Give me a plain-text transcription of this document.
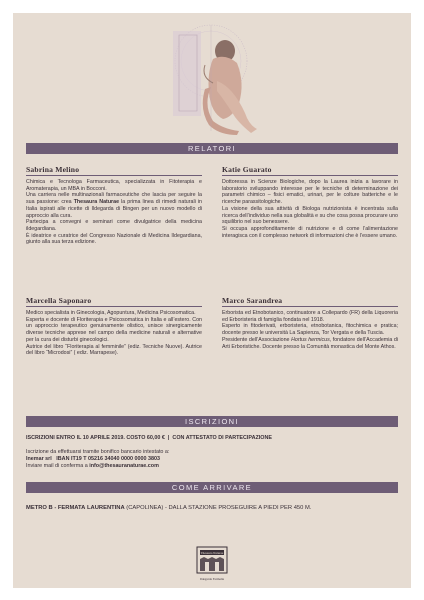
RELATORI
Sabrina Melino

Chimica e Tecnologa Farmaceutica, specializzata in Fitoterapia e Aromaterapia, un MBA in Bocconi.
Una carriera nelle multinazionali farmaceutiche che lascia per seguire la sua passione: crea Thesaura Naturae la prima linea di rimedi naturali in Italia ispirati alle ricette di Ildegarda di Bingen per un nuovo modello di approccio alla cura.
Partecipa a convegni e seminari come divulgatrice della medicina ildegardiana.
È ideatrice e curatrice del Congresso Nazionale di Medicina Ildegardiana, giunto alla sua terza edizione.

Katie Guarato

Dottoressa in Scienze Biologiche, dopo la Laurea inizia a lavorare in laboratorio sviluppando interesse per le tecniche di determinazione dei parametri chimico – fisici ematici, urinari, per le colture batteriche e le ricerche parassitologiche.
La visione della sua attività di Biologa nutrizionista è incentrata sulla ricerca dell’individuo nella sua globalità e su che cosa possa procurare uno squilibrio nel suo benessere.
Si occupa approfonditamente di nutrizione e di come l’alimentazione interagisca con il complesso network di informazioni che è l’essere umano.

Marcella Saponaro

Medico specialista in Ginecologia, Agopuntura, Medicina Psicosomatica.
Esperta e docente di Floriterapia e Psicosomatica in Italia e all’estero. Con un approccio terapeutico genuinamente olistico, unisce sinergicamente diverse tecniche apprese nel campo della medicine naturali e alternative per la cura dei disturbi ginecologici.
Autrice del libro “Floriterapia al femminile” (ediz. Tecniche Nuove). Autrice del libro “Microdosi” ( ediz. Marrapese).

Marco Sarandrea

Erborista ed Etnobotanico, continuatore a Collepardo (FR) della Liquoreria ed Erboristeria di famiglia fondata nel 1918.
Esperto in fitoderivati, erboristeria, etnobotanica, fitochimica e pratica; docente presso le università La Sapienza, Tor Vergata e della Tuscia.
Presidente dell’Associazione Hortus hermicus, fondatore dell’Accademia di Arti Erboristiche. Docente presso la Comunità monastica del Monte Athos.

ISCRIZIONI
ISCRIZIONI ENTRO IL 10 APRILE 2019. COSTO 60,00 € | CON ATTESTATO DI PARTECIPAZIONE
Iscrizione da effettuarsi tramite bonifico bancario intestato a:
Inemar srl IBAN IT19 T 05216 34040 0000 0000 3803
Inviare mail di conferma a info@thesauranaturae.com
COME ARRIVARE
METRO B - FERMATA LAURENTINA (CAPOLINEA) - DALLA STAZIONE PROSEGUIRE A PIEDI PER 450 M.
Thesaura Naturae
Ildegarda Farmalia
